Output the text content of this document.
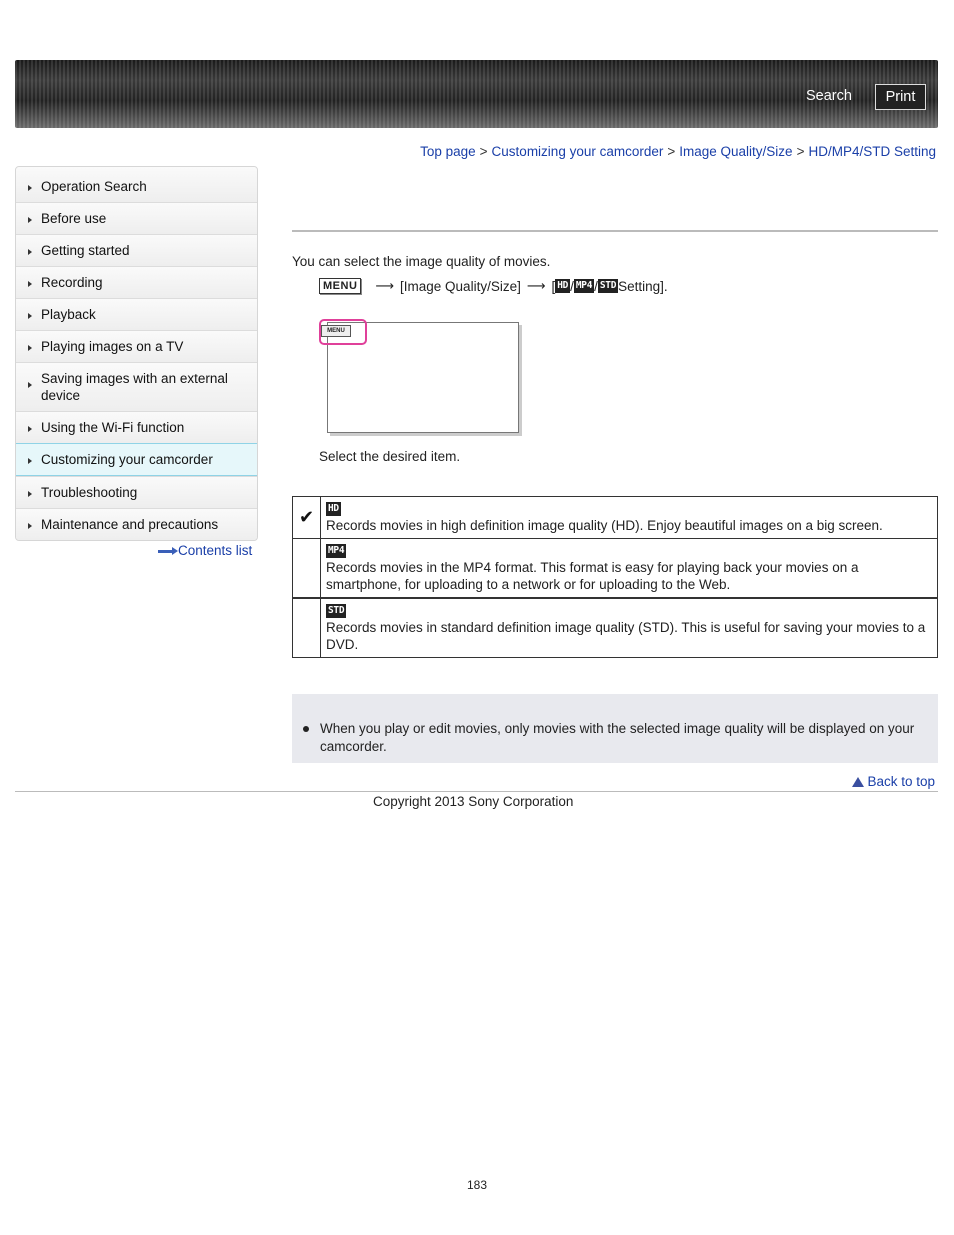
Search	Print
Top page > Customizing your camcorder > Image Quality/Size > HD/MP4/STD Setting
Operation Search
Before use
Getting started
Recording
Playback
Playing images on a TV
Saving images with an external device
Using the Wi-Fi function
Customizing your camcorder
Troubleshooting
Maintenance and precautions
Contents list
You can select the image quality of movies.
MENU	⟶ [Image Quality/Size] ⟶ [ HD / MP4 / STD Setting].
MENU
Select the desired item.
✔	HD
Records movies in high definition image quality (HD). Enjoy beautiful images on a big screen.
	MP4
Records movies in the MP4 format. This format is easy for playing back your movies on a smartphone, for uploading to a network or for uploading to the Web.
	STD
Records movies in standard definition image quality (STD). This is useful for saving your movies to a DVD.
When you play or edit movies, only movies with the selected image quality will be displayed on your camcorder.
Back to top
Copyright 2013 Sony Corporation
183
